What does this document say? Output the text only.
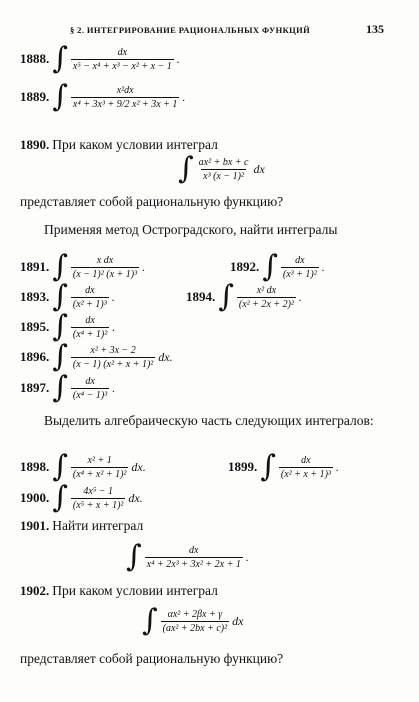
§ 2. ИНТЕГРИРОВАНИЕ РАЦИОНАЛЬНЫХ ФУНКЦИЙ	135
1888. ∫ $\frac{dx}{\text{x⁵ − x⁴ + x³ − x² + x − 1}}$ .
1889. ∫ $\frac{\text{x²dx}}{\text{x⁴ + 3x³ + 9/2 x² + 3x + 1}}$ .
1890. При каком условии интеграл
∫ $\frac{\text{ax² + bx + c}}{\text{x³ (x − 1)²}}$ dx
представляет собой рациональную функцию?
Применяя метод Остроградского, найти интегралы
1891. ∫ $\frac{\text{x dx}}{\text{(x − 1)² (x + 1)³}}$ .	1892. ∫ $\frac{dx}{\text{(x³ + 1)²}}$ .
1893. ∫ $\frac{dx}{\text{(x² + 1)³}}$ .	1894. ∫ $\frac{\text{x² dx}}{\text{(x² + 2x + 2)²}}$ .
1895. ∫ $\frac{dx}{\text{(x⁴ + 1)²}}$ .
1896. ∫ $\frac{\text{x² + 3x − 2}}{\text{(x − 1) (x² + x + 1)²}}$ dx.
1897. ∫ $\frac{dx}{\text{(x⁴ − 1)³}}$ .
Выделить алгебраическую часть следующих интегралов:
1898. ∫ $\frac{\text{x² + 1}}{\text{(x⁴ + x² + 1)²}}$ dx.	1899. ∫ $\frac{dx}{\text{(x² + x + 1)³}}$ .
1900. ∫ $\frac{\text{4x⁵ − 1}}{\text{(x⁵ + x + 1)²}}$ dx.
1901. Найти интеграл
∫ $\frac{dx}{\text{x⁴ + 2x³ + 3x² + 2x + 1}}$ .
1902. При каком условии интеграл
∫ $\frac{\text{αx² + 2βx + γ}}{\text{(ax² + 2bx + c)²}}$ dx
представляет собой рациональную функцию?
